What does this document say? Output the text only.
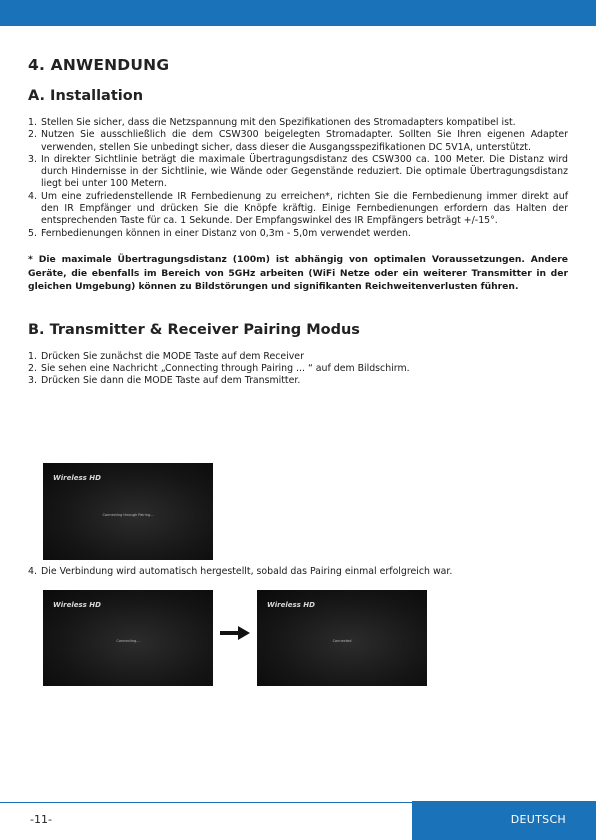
4. ANWENDUNG
A. Installation
1. Stellen Sie sicher, dass die Netzspannung mit den Spezifikationen des Stromadapters kompatibel ist.
2. Nutzen Sie ausschließlich die dem CSW300 beigelegten Stromadapter. Sollten Sie Ihren eigenen Adapter verwenden, stellen Sie unbedingt sicher, dass dieser die Ausgangsspezifikationen DC 5V1A, unterstützt.
3. In direkter Sichtlinie beträgt die maximale Übertragungsdistanz des CSW300 ca. 100 Meter. Die Distanz wird durch Hindernisse in der Sichtlinie, wie Wände oder Gegenstände reduziert. Die optimale Übertragungsdistanz liegt bei unter 100 Metern.
4. Um eine zufriedenstellende IR Fernbedienung zu erreichen*, richten Sie die Fernbedienung immer direkt auf den IR Empfänger und drücken Sie die Knöpfe kräftig. Einige Fernbedienungen erfordern das Halten der entsprechenden Taste für ca. 1 Sekunde. Der Empfangswinkel des IR Empfängers beträgt +/-15°.
5. Fernbedienungen können in einer Distanz von 0,3m - 5,0m verwendet werden.

* Die maximale Übertragungsdistanz (100m) ist abhängig von optimalen Voraussetzungen. Andere Geräte, die ebenfalls im Bereich von 5GHz arbeiten (WiFi Netze oder ein weiterer Transmitter in der gleichen Umgebung) können zu Bildstörungen und signifikanten Reichweitenverlusten führen.

B. Transmitter & Receiver Pairing Modus
1. Drücken Sie zunächst die MODE Taste auf dem Receiver
2. Sie sehen eine Nachricht „Connecting through Pairing ... “ auf dem Bildschirm.
3. Drücken Sie dann die MODE Taste auf dem Transmitter.
Wireless HD
Connecting through Pairing...
4. Die Verbindung wird automatisch hergestellt, sobald das Pairing einmal erfolgreich war.
Wireless HD
Connecting...
Wireless HD
Connected
-11-	DEUTSCH
